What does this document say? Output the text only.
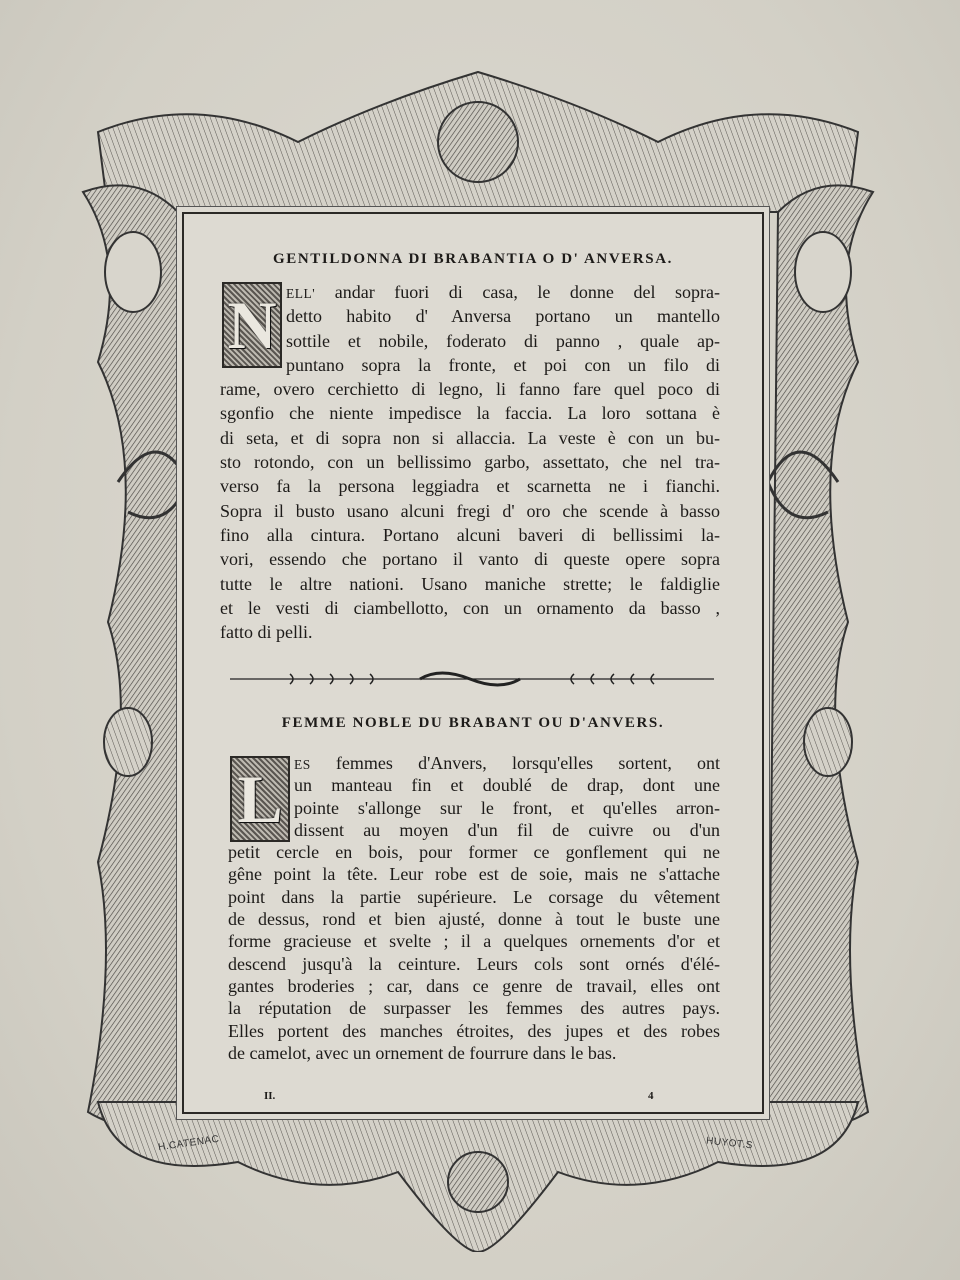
H.CATENAC	HUYOT.S
GENTILDONNA DI BRABANTIA O D' ANVERSA.
N ELL' andar fuori di casa, le donne del sopra-
detto habito d' Anversa portano un mantello
sottile et nobile, foderato di panno , quale ap-
puntano sopra la fronte, et poi con un filo di
rame, overo cerchietto di legno, li fanno fare quel poco di
sgonfio che niente impedisce la faccia. La loro sottana è
di seta, et di sopra non si allaccia. La veste è con un bu-
sto rotondo, con un bellissimo garbo, assettato, che nel tra-
verso fa la persona leggiadra et scarnetta ne i fianchi.
Sopra il busto usano alcuni fregi d' oro che scende à basso
fino alla cintura. Portano alcuni baveri di bellissimi la-
vori, essendo che portano il vanto di queste opere sopra
tutte le altre nationi. Usano maniche strette; le faldiglie
et le vesti di ciambellotto, con un ornamento da basso ,
fatto di pelli.
FEMME NOBLE DU BRABANT OU D'ANVERS.
L ES femmes d'Anvers, lorsqu'elles sortent, ont
un manteau fin et doublé de drap, dont une
pointe s'allonge sur le front, et qu'elles arron-
dissent au moyen d'un fil de cuivre ou d'un
petit cercle en bois, pour former ce gonflement qui ne
gêne point la tête. Leur robe est de soie, mais ne s'attache
point dans la partie supérieure. Le corsage du vêtement
de dessus, rond et bien ajusté, donne à tout le buste une
forme gracieuse et svelte ; il a quelques ornements d'or et
descend jusqu'à la ceinture. Leurs cols sont ornés d'élé-
gantes broderies ; car, dans ce genre de travail, elles ont
la réputation de surpasser les femmes des autres pays.
Elles portent des manches étroites, des jupes et des robes
de camelot, avec un ornement de fourrure dans le bas.
II.	4
